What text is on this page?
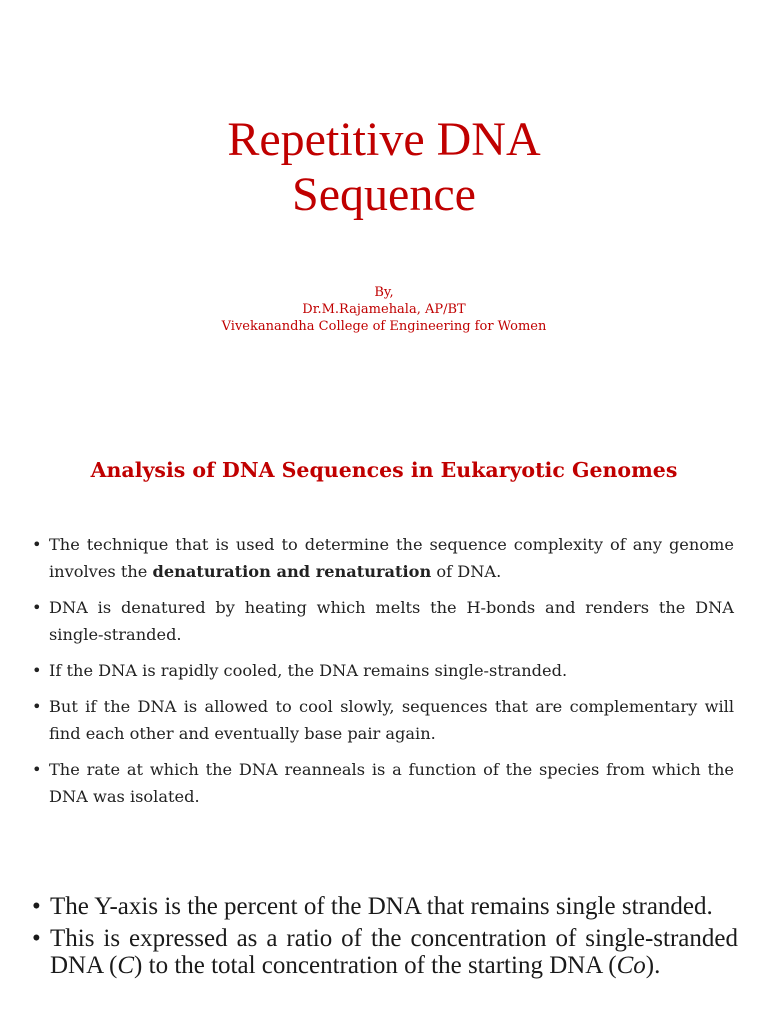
Repetitive DNA
Sequence
By,
Dr.M.Rajamehala, AP/BT
Vivekanandha College of Engineering for Women
Analysis of DNA Sequences in Eukaryotic Genomes
• The technique that is used to determine the sequence complexity of any genome involves the denaturation and renaturation of DNA.
• DNA is denatured by heating which melts the H-bonds and renders the DNA single-stranded.
• If the DNA is rapidly cooled, the DNA remains single-stranded.
• But if the DNA is allowed to cool slowly, sequences that are complementary will find each other and eventually base pair again.
• The rate at which the DNA reanneals is a function of the species from which the DNA was isolated.
• The Y-axis is the percent of the DNA that remains single stranded.
• This is expressed as a ratio of the concentration of single-stranded DNA (C) to the total concentration of the starting DNA (Co).
